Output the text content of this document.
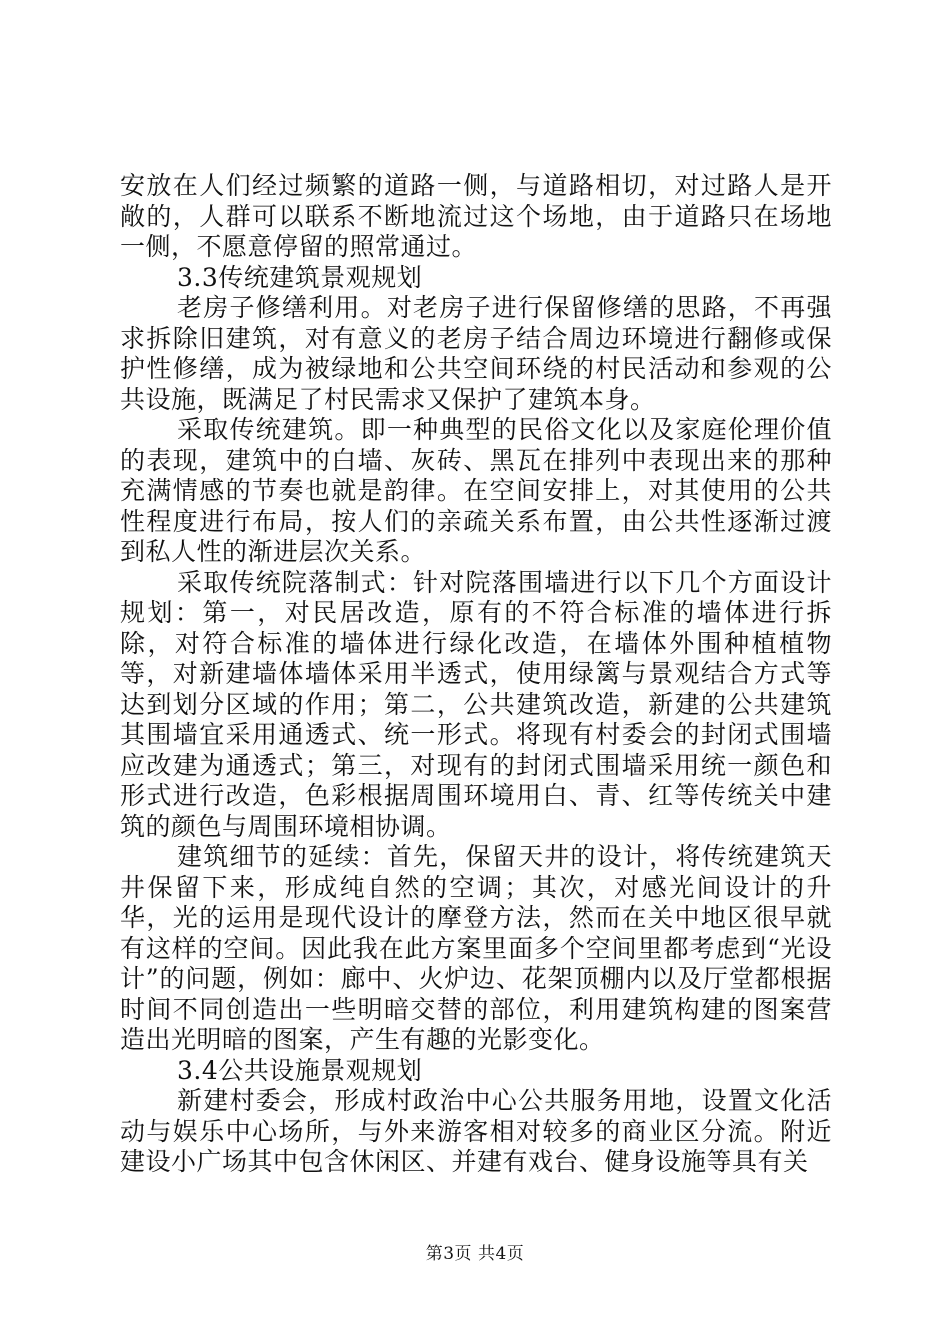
安放在人们经过频繁的道路一侧，与道路相切，对过路人是开敞的，人群可以联系不断地流过这个场地，由于道路只在场地一侧，不愿意停留的照常通过。

3.3传统建筑景观规划

老房子修缮利用。对老房子进行保留修缮的思路，不再强求拆除旧建筑，对有意义的老房子结合周边环境进行翻修或保护性修缮，成为被绿地和公共空间环绕的村民活动和参观的公共设施，既满足了村民需求又保护了建筑本身。

采取传统建筑。即一种典型的民俗文化以及家庭伦理价值的表现，建筑中的白墙、灰砖、黑瓦在排列中表现出来的那种充满情感的节奏也就是韵律。在空间安排上，对其使用的公共性程度进行布局，按人们的亲疏关系布置，由公共性逐渐过渡到私人性的渐进层次关系。

采取传统院落制式：针对院落围墙进行以下几个方面设计规划：第一，对民居改造，原有的不符合标准的墙体进行拆除，对符合标准的墙体进行绿化改造，在墙体外围种植植物等，对新建墙体墙体采用半透式，使用绿篱与景观结合方式等达到划分区域的作用；第二，公共建筑改造，新建的公共建筑其围墙宜采用通透式、统一形式。将现有村委会的封闭式围墙应改建为通透式；第三，对现有的封闭式围墙采用统一颜色和形式进行改造，色彩根据周围环境用白、青、红等传统关中建筑的颜色与周围环境相协调。

建筑细节的延续：首先，保留天井的设计，将传统建筑天井保留下来，形成纯自然的空调；其次，对感光间设计的升华，光的运用是现代设计的摩登方法，然而在关中地区很早就有这样的空间。因此我在此方案里面多个空间里都考虑到“光设计”的问题，例如：廊中、火炉边、花架顶棚内以及厅堂都根据时间不同创造出一些明暗交替的部位，利用建筑构建的图案营造出光明暗的图案，产生有趣的光影变化。

3.4公共设施景观规划

新建村委会，形成村政治中心公共服务用地，设置文化活动与娱乐中心场所，与外来游客相对较多的商业区分流。附近建设小广场其中包含休闲区、并建有戏台、健身设施等具有关

第3页 共4页
